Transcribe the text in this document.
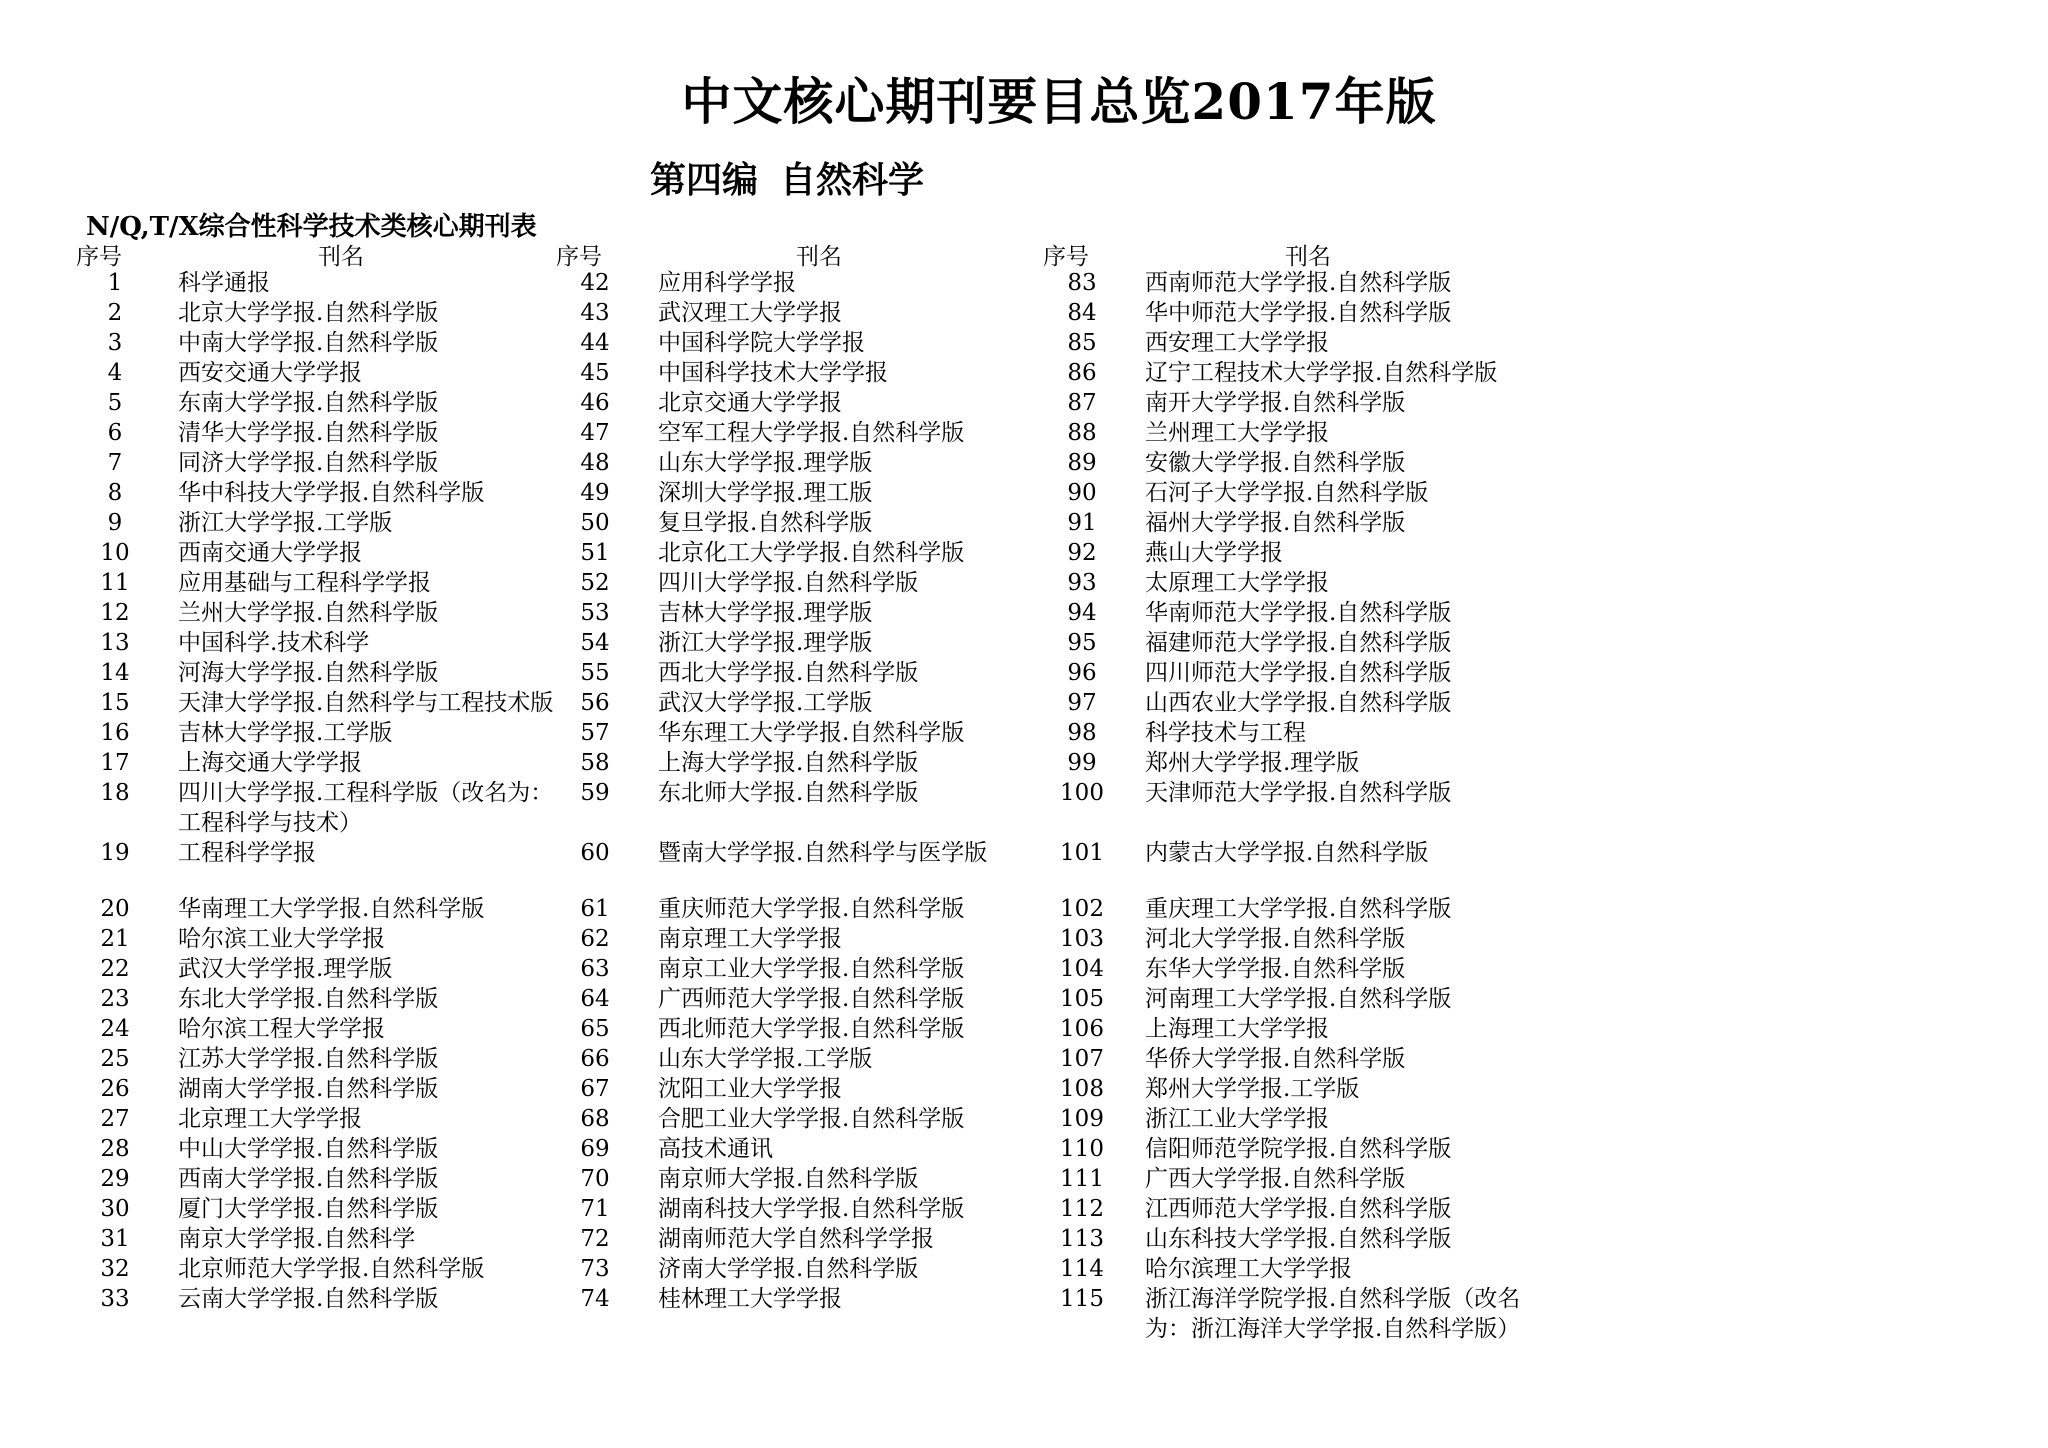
中文核心期刊要目总览2017年版
第四编 自然科学
N/Q,T/X综合性科学技术类核心期刊表
序号	刊名
1	科学通报
2	北京大学学报.自然科学版
3	中南大学学报.自然科学版
4	西安交通大学学报
5	东南大学学报.自然科学版
6	清华大学学报.自然科学版
7	同济大学学报.自然科学版
8	华中科技大学学报.自然科学版
9	浙江大学学报.工学版
10	西南交通大学学报
11	应用基础与工程科学学报
12	兰州大学学报.自然科学版
13	中国科学.技术科学
14	河海大学学报.自然科学版
15	天津大学学报.自然科学与工程技术版
16	吉林大学学报.工学版
17	上海交通大学学报
18	四川大学学报.工程科学版（改名为：工程科学与技术）
19	工程科学学报
20	华南理工大学学报.自然科学版
21	哈尔滨工业大学学报
22	武汉大学学报.理学版
23	东北大学学报.自然科学版
24	哈尔滨工程大学学报
25	江苏大学学报.自然科学版
26	湖南大学学报.自然科学版
27	北京理工大学学报
28	中山大学学报.自然科学版
29	西南大学学报.自然科学版
30	厦门大学学报.自然科学版
31	南京大学学报.自然科学
32	北京师范大学学报.自然科学版
33	云南大学学报.自然科学版
序号	刊名
42	应用科学学报
43	武汉理工大学学报
44	中国科学院大学学报
45	中国科学技术大学学报
46	北京交通大学学报
47	空军工程大学学报.自然科学版
48	山东大学学报.理学版
49	深圳大学学报.理工版
50	复旦学报.自然科学版
51	北京化工大学学报.自然科学版
52	四川大学学报.自然科学版
53	吉林大学学报.理学版
54	浙江大学学报.理学版
55	西北大学学报.自然科学版
56	武汉大学学报.工学版
57	华东理工大学学报.自然科学版
58	上海大学学报.自然科学版
59	东北师大学报.自然科学版
60	暨南大学学报.自然科学与医学版
61	重庆师范大学学报.自然科学版
62	南京理工大学学报
63	南京工业大学学报.自然科学版
64	广西师范大学学报.自然科学版
65	西北师范大学学报.自然科学版
66	山东大学学报.工学版
67	沈阳工业大学学报
68	合肥工业大学学报.自然科学版
69	高技术通讯
70	南京师大学报.自然科学版
71	湖南科技大学学报.自然科学版
72	湖南师范大学自然科学学报
73	济南大学学报.自然科学版
74	桂林理工大学学报
序号	刊名
83	西南师范大学学报.自然科学版
84	华中师范大学学报.自然科学版
85	西安理工大学学报
86	辽宁工程技术大学学报.自然科学版
87	南开大学学报.自然科学版
88	兰州理工大学学报
89	安徽大学学报.自然科学版
90	石河子大学学报.自然科学版
91	福州大学学报.自然科学版
92	燕山大学学报
93	太原理工大学学报
94	华南师范大学学报.自然科学版
95	福建师范大学学报.自然科学版
96	四川师范大学学报.自然科学版
97	山西农业大学学报.自然科学版
98	科学技术与工程
99	郑州大学学报.理学版
100	天津师范大学学报.自然科学版
101	内蒙古大学学报.自然科学版
102	重庆理工大学学报.自然科学版
103	河北大学学报.自然科学版
104	东华大学学报.自然科学版
105	河南理工大学学报.自然科学版
106	上海理工大学学报
107	华侨大学学报.自然科学版
108	郑州大学学报.工学版
109	浙江工业大学学报
110	信阳师范学院学报.自然科学版
111	广西大学学报.自然科学版
112	江西师范大学学报.自然科学版
113	山东科技大学学报.自然科学版
114	哈尔滨理工大学学报
115	浙江海洋学院学报.自然科学版（改名为：浙江海洋大学学报.自然科学版）
